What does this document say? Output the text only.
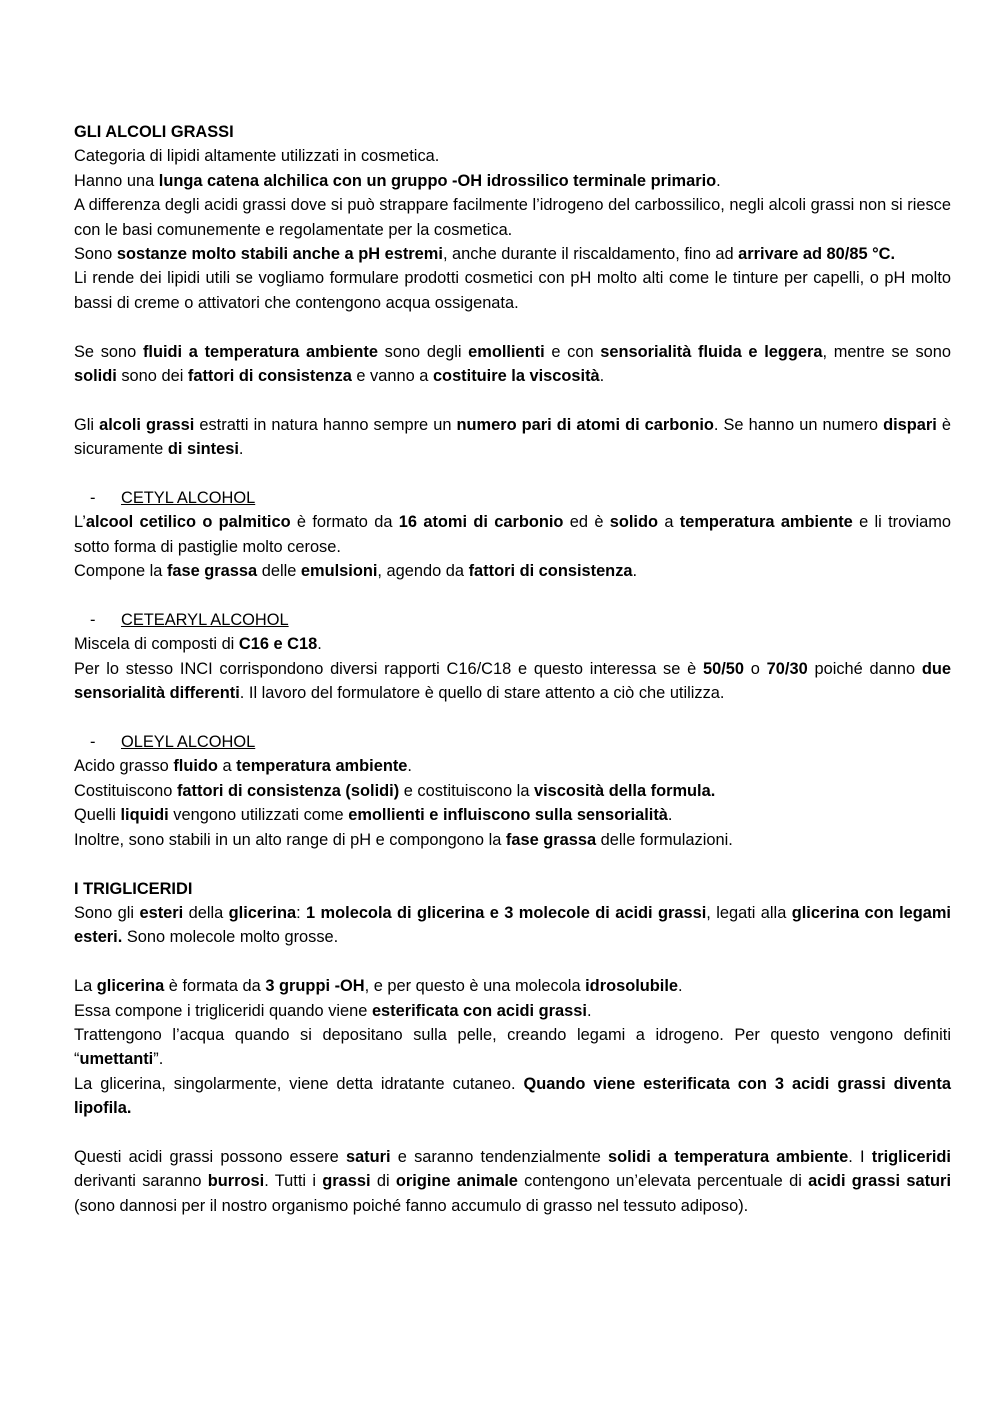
GLI ALCOLI GRASSI

Categoria di lipidi altamente utilizzati in cosmetica.

Hanno una lunga catena alchilica con un gruppo -OH idrossilico terminale primario.

A differenza degli acidi grassi dove si può strappare facilmente l’idrogeno del carbossilico, negli alcoli grassi non si riesce con le basi comunemente e regolamentate per la cosmetica.

Sono sostanze molto stabili anche a pH estremi, anche durante il riscaldamento, fino ad arrivare ad 80/85 °C.

Li rende dei lipidi utili se vogliamo formulare prodotti cosmetici con pH molto alti come le tinture per capelli, o pH molto bassi di creme o attivatori che contengono acqua ossigenata.

Se sono fluidi a temperatura ambiente sono degli emollienti e con sensorialità fluida e leggera, mentre se sono solidi sono dei fattori di consistenza e vanno a costituire la viscosità.

Gli alcoli grassi estratti in natura hanno sempre un numero pari di atomi di carbonio. Se hanno un numero dispari è sicuramente di sintesi.

-	CETYL ALCOHOL

L’alcool cetilico o palmitico è formato da 16 atomi di carbonio ed è solido a temperatura ambiente e li troviamo sotto forma di pastiglie molto cerose.

Compone la fase grassa delle emulsioni, agendo da fattori di consistenza.

-	CETEARYL ALCOHOL

Miscela di composti di C16 e C18.

Per lo stesso INCI corrispondono diversi rapporti C16/C18 e questo interessa se è 50/50 o 70/30 poiché danno due sensorialità differenti. Il lavoro del formulatore è quello di stare attento a ciò che utilizza.

-	OLEYL ALCOHOL

Acido grasso fluido a temperatura ambiente.

Costituiscono fattori di consistenza (solidi) e costituiscono la viscosità della formula.

Quelli liquidi vengono utilizzati come emollienti e influiscono sulla sensorialità.

Inoltre, sono stabili in un alto range di pH e compongono la fase grassa delle formulazioni.

I TRIGLICERIDI

Sono gli esteri della glicerina: 1 molecola di glicerina e 3 molecole di acidi grassi, legati alla glicerina con legami esteri. Sono molecole molto grosse.

La glicerina è formata da 3 gruppi -OH, e per questo è una molecola idrosolubile.

Essa compone i trigliceridi quando viene esterificata con acidi grassi.

Trattengono l’acqua quando si depositano sulla pelle, creando legami a idrogeno. Per questo vengono definiti “umettanti”.

La glicerina, singolarmente, viene detta idratante cutaneo. Quando viene esterificata con 3 acidi grassi diventa lipofila.

Questi acidi grassi possono essere saturi e saranno tendenzialmente solidi a temperatura ambiente. I trigliceridi derivanti saranno burrosi. Tutti i grassi di origine animale contengono un’elevata percentuale di acidi grassi saturi (sono dannosi per il nostro organismo poiché fanno accumulo di grasso nel tessuto adiposo).
